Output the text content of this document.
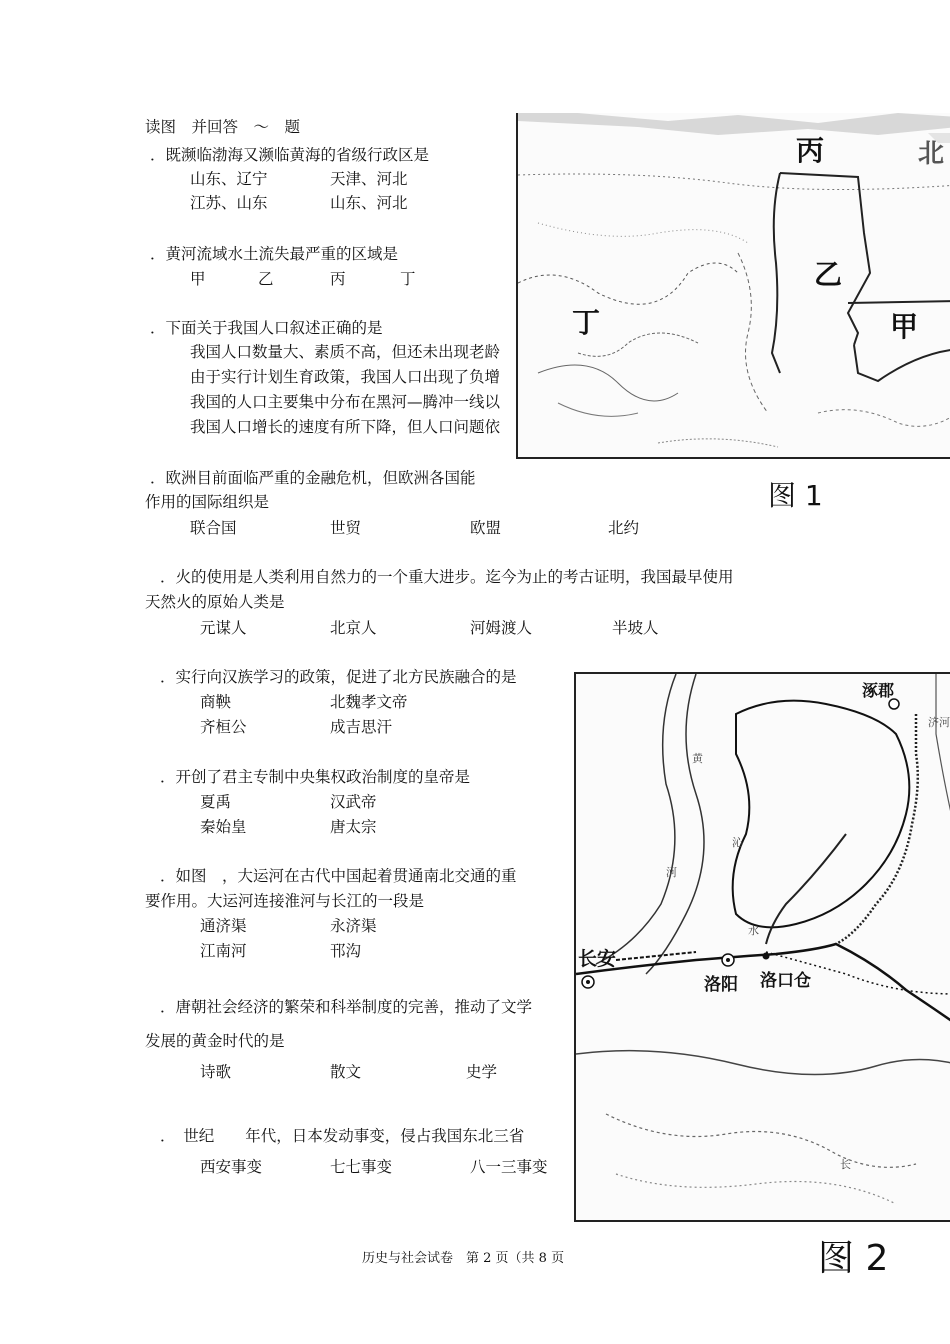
读图　并回答　～　题
．既濒临渤海又濒临黄海的省级行政区是
山东、辽宁	天津、河北
江苏、山东	山东、河北
．黄河流域水土流失最严重的区域是
甲	乙	丙	丁
．下面关于我国人口叙述正确的是
我国人口数量大、素质不高，但还未出现老龄
由于实行计划生育政策，我国人口出现了负增
我国的人口主要集中分布在黑河—腾冲一线以
我国人口增长的速度有所下降，但人口问题依
．欧洲目前面临严重的金融危机，但欧洲各国能
作用的国际组织是
联合国	世贸	欧盟	北约
．火的使用是人类利用自然力的一个重大进步。迄今为止的考古证明，我国最早使用
天然火的原始人类是
元谋人	北京人	河姆渡人	半坡人
．实行向汉族学习的政策，促进了北方民族融合的是
商鞅	北魏孝文帝
齐桓公	成吉思汗
．开创了君主专制中央集权政治制度的皇帝是
夏禹	汉武帝
秦始皇	唐太宗
．如图　，大运河在古代中国起着贯通南北交通的重
要作用。大运河连接淮河与长江的一段是
通济渠	永济渠
江南河	邗沟
．唐朝社会经济的繁荣和科举制度的完善，推动了文学
发展的黄金时代的是
诗歌	散文	史学
．　世纪　　年代，日本发动事变，侵占我国东北三省
西安事变	七七事变	八一三事变
丙
乙
甲
丁
北
图 1
涿郡
长安
洛阳 洛口仓
黄
河
沁
水
济河
长
图 2
历史与社会试卷　第 2 页（共 8 页
